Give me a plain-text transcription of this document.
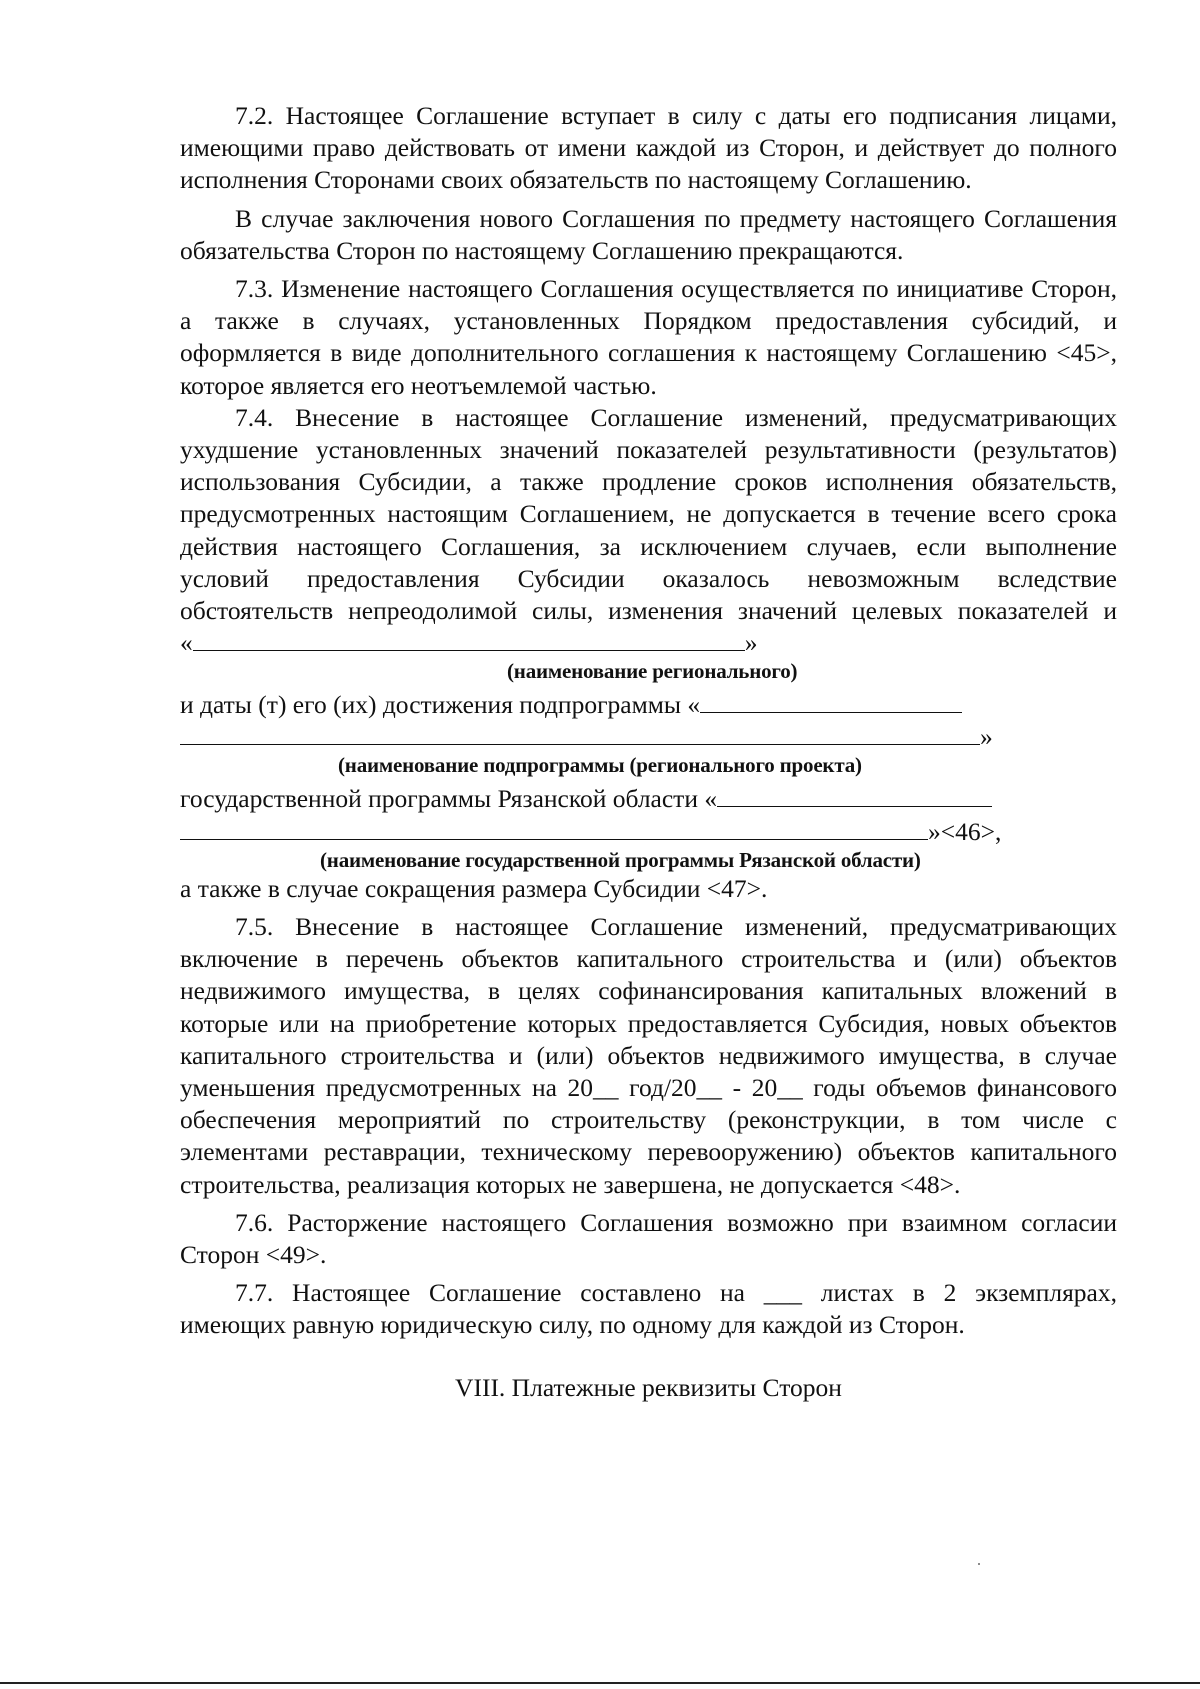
7.2. Настоящее Соглашение вступает в силу с даты его подписания лицами, имеющими право действовать от имени каждой из Сторон, и действует до полного исполнения Сторонами своих обязательств по настоящему Соглашению.

В случае заключения нового Соглашения по предмету настоящего Соглашения обязательства Сторон по настоящему Соглашению прекращаются.

7.3. Изменение настоящего Соглашения осуществляется по инициативе Сторон, а также в случаях, установленных Порядком предоставления субсидий, и оформляется в виде дополнительного соглашения к настоящему Соглашению <45>, которое является его неотъемлемой частью.

7.4. Внесение в настоящее Соглашение изменений, предусматривающих ухудшение установленных значений показателей результативности (результатов) использования Субсидии, а также продление сроков исполнения обязательств, предусмотренных настоящим Соглашением, не допускается в течение всего срока действия настоящего Соглашения, за исключением случаев, если выполнение условий предоставления Субсидии оказалось невозможным вследствие обстоятельств непреодолимой силы, изменения значений целевых показателей и

«	»
(наименование регионального)
и даты (т) его (их) достижения подпрограммы «
»
(наименование подпрограммы (регионального проекта)
государственной программы Рязанской области «
»<46>,
(наименование государственной программы Рязанской области)

а также в случае сокращения размера Субсидии <47>.

7.5. Внесение в настоящее Соглашение изменений, предусматривающих включение в перечень объектов капитального строительства и (или) объектов недвижимого имущества, в целях софинансирования капитальных вложений в которые или на приобретение которых предоставляется Субсидия, новых объектов капитального строительства и (или) объектов недвижимого имущества, в случае уменьшения предусмотренных на 20__ год/20__ - 20__ годы объемов финансового обеспечения мероприятий по строительству (реконструкции, в том числе с элементами реставрации, техническому перевооружению) объектов капитального строительства, реализация которых не завершена, не допускается <48>.

7.6. Расторжение настоящего Соглашения возможно при взаимном согласии Сторон <49>.

7.7. Настоящее Соглашение составлено на ___ листах в 2 экземплярах, имеющих равную юридическую силу, по одному для каждой из Сторон.

VIII. Платежные реквизиты Сторон
